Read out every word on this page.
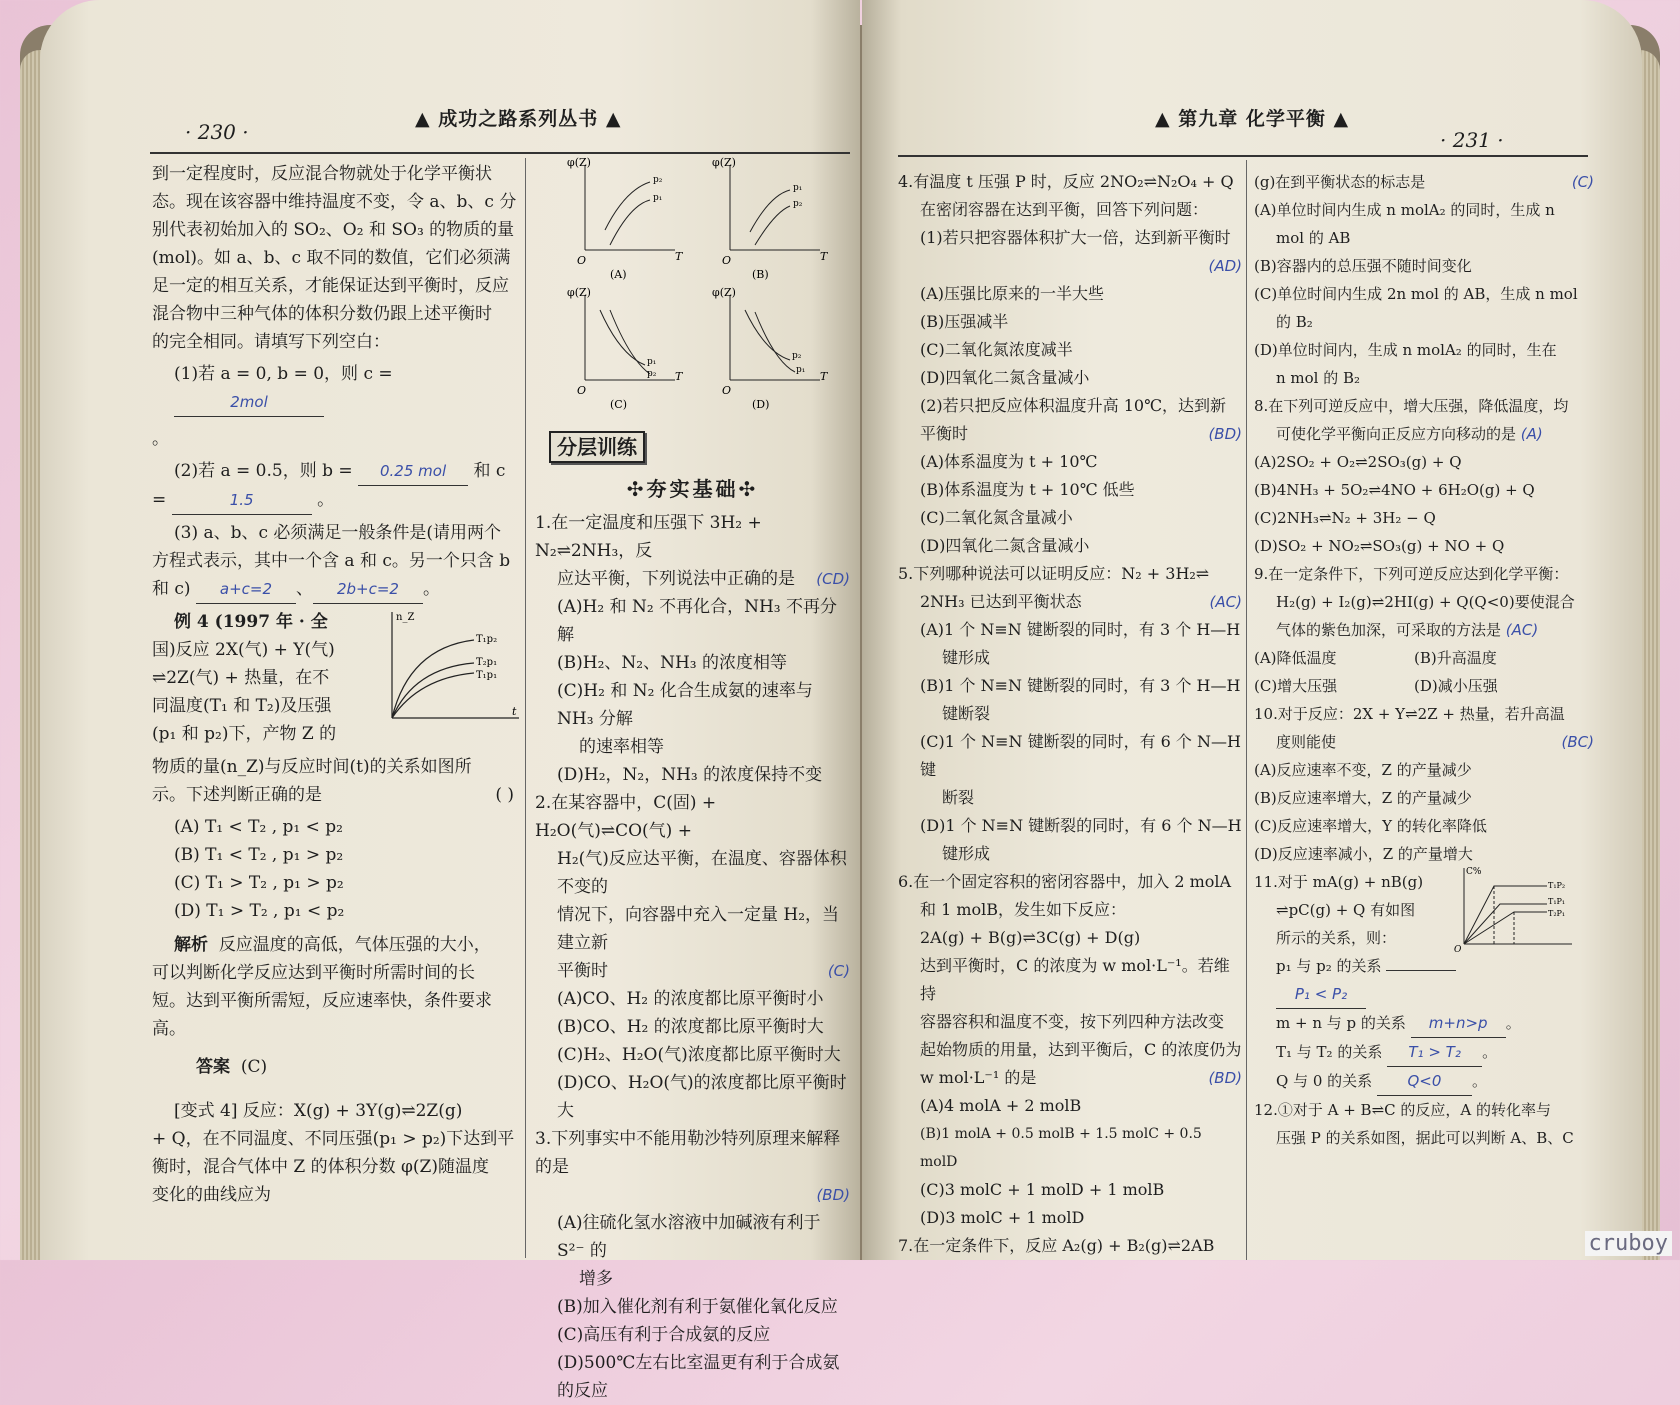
· 230 ·
▲ 成功之路系列丛书 ▲

到一定程度时，反应混合物就处于化学平衡状

态。现在该容器中维持温度不变，令 a、b、c 分

别代表初始加入的 SO₂、O₂ 和 SO₃ 的物质的量

(mol)。如 a、b、c 取不同的数值，它们必须满

足一定的相互关系，才能保证达到平衡时，反应

混合物中三种气体的体积分数仍跟上述平衡时

的完全相同。请填写下列空白：

(1)若 a = 0, b = 0，则 c = 2mol

。

(2)若 a = 0.5，则 b = 0.25 mol 和 c

=	1.5	。

(3) a、b、c 必须满足一般条件是(请用两个

方程式表示，其中一个含 a 和 c。另一个只含 b

和 c) a+c=2 、 2b+c=2 。

例 4 (1997 年 · 全

国)反应 2X(气) + Y(气)

⇌2Z(气) + 热量，在不

同温度(T₁ 和 T₂)及压强

(p₁ 和 p₂)下，产物 Z 的

n_Z
t
T₁p₂
T₂p₁
T₁p₁

物质的量(n_Z)与反应时间(t)的关系如图所

示。下述判断正确的是	( )

(A) T₁ < T₂ , p₁ < p₂

(B) T₁ < T₂ , p₁ > p₂

(C) T₁ > T₂ , p₁ > p₂

(D) T₁ > T₂ , p₁ < p₂

解析 反应温度的高低，气体压强的大小，

可以判断化学反应达到平衡时所需时间的长

短。达到平衡所需短，反应速率快，条件要求

高。

答案 (C)

[变式 4] 反应：X(g) + 3Y(g)⇌2Z(g)

+ Q，在不同温度、不同压强(p₁ > p₂)下达到平

衡时，混合气体中 Z 的体积分数 φ(Z)随温度

变化的曲线应为

φ(Z)
O	T
p₂
p₁
(A)
φ(Z)
O	T
p₁
p₂
(B)
φ(Z)
O
T
p₁
p₂
(C)
φ(Z)
O
T
p₂
p₁
(D)
分层训练
✣夯实基础✣

1.在一定温度和压强下 3H₂ + N₂⇌2NH₃，反

应达平衡，下列说法中正确的是 (CD)

(A)H₂ 和 N₂ 不再化合，NH₃ 不再分解

(B)H₂、N₂、NH₃ 的浓度相等

(C)H₂ 和 N₂ 化合生成氨的速率与 NH₃ 分解

的速率相等

(D)H₂，N₂，NH₃ 的浓度保持不变

2.在某容器中，C(固) + H₂O(气)⇌CO(气) +

H₂(气)反应达平衡，在温度、容器体积不变的

情况下，向容器中充入一定量 H₂，当建立新

平衡时	(C)

(A)CO、H₂ 的浓度都比原平衡时小

(B)CO、H₂ 的浓度都比原平衡时大

(C)H₂、H₂O(气)浓度都比原平衡时大

(D)CO、H₂O(气)的浓度都比原平衡时大

3.下列事实中不能用勒沙特列原理来解释的是

(BD)

(A)往硫化氢水溶液中加碱液有利于 S²⁻ 的

增多

(B)加入催化剂有利于氨催化氧化反应

(C)高压有利于合成氨的反应

(D)500℃左右比室温更有利于合成氨的反应

▲ 第九章 化学平衡 ▲
· 231 ·

4.有温度 t 压强 P 时，反应 2NO₂⇌N₂O₄ + Q

在密闭容器在达到平衡，回答下列问题：

(1)若只把容器体积扩大一倍，达到新平衡时

(AD)

(A)压强比原来的一半大些

(B)压强减半

(C)二氧化氮浓度减半

(D)四氧化二氮含量减小

(2)若只把反应体积温度升高 10℃，达到新

平衡时	(BD)

(A)体系温度为 t + 10℃

(B)体系温度为 t + 10℃ 低些

(C)二氧化氮含量减小

(D)四氧化二氮含量减小

5.下列哪种说法可以证明反应：N₂ + 3H₂⇌

2NH₃ 已达到平衡状态	(AC)

(A)1 个 N≡N 键断裂的同时，有 3 个 H—H

键形成

(B)1 个 N≡N 键断裂的同时，有 3 个 H—H

键断裂

(C)1 个 N≡N 键断裂的同时，有 6 个 N—H 键

断裂

(D)1 个 N≡N 键断裂的同时，有 6 个 N—H

键形成

6.在一个固定容积的密闭容器中，加入 2 molA

和 1 molB，发生如下反应：

2A(g) + B(g)⇌3C(g) + D(g)

达到平衡时，C 的浓度为 w mol·L⁻¹。若维持

容器容积和温度不变，按下列四种方法改变

起始物质的用量，达到平衡后，C 的浓度仍为

w mol·L⁻¹ 的是	(BD)

(A)4 molA + 2 molB

(B)1 molA + 0.5 molB + 1.5 molC + 0.5 molD

(C)3 molC + 1 molD + 1 molB

(D)3 molC + 1 molD

7.在一定条件下，反应 A₂(g) + B₂(g)⇌2AB

(g)在到平衡状态的标志是	(C)

(A)单位时间内生成 n molA₂ 的同时，生成 n

mol 的 AB

(B)容器内的总压强不随时间变化

(C)单位时间内生成 2n mol 的 AB，生成 n mol

的 B₂

(D)单位时间内，生成 n molA₂ 的同时，生在

n mol 的 B₂

8.在下列可逆反应中，增大压强，降低温度，均

可使化学平衡向正反应方向移动的是 (A)

(A)2SO₂ + O₂⇌2SO₃(g) + Q

(B)4NH₃ + 5O₂⇌4NO + 6H₂O(g) + Q

(C)2NH₃⇌N₂ + 3H₂ − Q

(D)SO₂ + NO₂⇌SO₃(g) + NO + Q

9.在一定条件下，下列可逆反应达到化学平衡：

H₂(g) + I₂(g)⇌2HI(g) + Q(Q<0)要使混合

气体的紫色加深，可采取的方法是 (AC)

(A)降低温度	(B)升高温度

(C)增大压强	(D)减小压强

10.对于反应：2X + Y⇌2Z + 热量，若升高温

度则能使	(BC)

(A)反应速率不变，Z 的产量减少

(B)反应速率增大，Z 的产量减少

(C)反应速率增大，Y 的转化率降低

(D)反应速率减小，Z 的产量增大

11.对于 mA(g) + nB(g)

⇌pC(g) + Q 有如图

所示的关系，则：

C%
O
T₁P₂
T₁P₁
T₂P₁

p₁ 与 p₂ 的关系

P₁ < P₂

m + n 与 p 的关系 m+n>p 。

T₁ 与 T₂ 的关系 T₁ > T₂ 。

Q 与 0 的关系 Q<0 。

12.①对于 A + B⇌C 的反应，A 的转化率与

压强 P 的关系如图，据此可以判断 A、B、C

cruboy
